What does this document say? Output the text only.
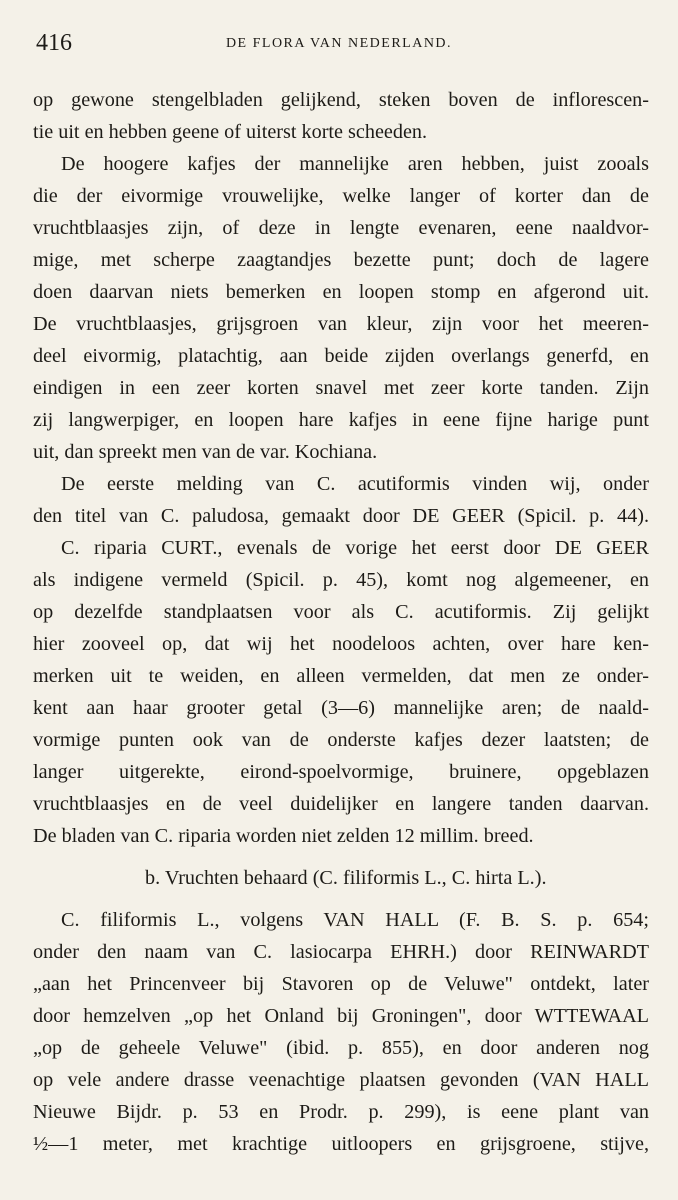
416	DE FLORA VAN NEDERLAND.
op gewone stengelbladen gelijkend, steken boven de inflorescen-
tie uit en hebben geene of uiterst korte scheeden.
De hoogere kafjes der mannelijke aren hebben, juist zooals
die der eivormige vrouwelijke, welke langer of korter dan de
vruchtblaasjes zijn, of deze in lengte evenaren, eene naaldvor-
mige, met scherpe zaagtandjes bezette punt; doch de lagere
doen daarvan niets bemerken en loopen stomp en afgerond uit.
De vruchtblaasjes, grijsgroen van kleur, zijn voor het meeren-
deel eivormig, platachtig, aan beide zijden overlangs generfd, en
eindigen in een zeer korten snavel met zeer korte tanden. Zijn
zij langwerpiger, en loopen hare kafjes in eene fijne harige punt
uit, dan spreekt men van de var. Kochiana.
De eerste melding van C. acutiformis vinden wij, onder
den titel van C. paludosa, gemaakt door DE GEER (Spicil. p. 44).
C. riparia CURT., evenals de vorige het eerst door DE GEER
als indigene vermeld (Spicil. p. 45), komt nog algemeener, en
op dezelfde standplaatsen voor als C. acutiformis. Zij gelijkt
hier zooveel op, dat wij het noodeloos achten, over hare ken-
merken uit te weiden, en alleen vermelden, dat men ze onder-
kent aan haar grooter getal (3—6) mannelijke aren; de naald-
vormige punten ook van de onderste kafjes dezer laatsten; de
langer uitgerekte, eirond-spoelvormige, bruinere, opgeblazen
vruchtblaasjes en de veel duidelijker en langere tanden daarvan.
De bladen van C. riparia worden niet zelden 12 millim. breed.
b. Vruchten behaard (C. filiformis L., C. hirta L.).
C. filiformis L., volgens VAN HALL (F. B. S. p. 654;
onder den naam van C. lasiocarpa EHRH.) door REINWARDT
„aan het Princenveer bij Stavoren op de Veluwe" ontdekt, later
door hemzelven „op het Onland bij Groningen", door WTTEWAAL
„op de geheele Veluwe" (ibid. p. 855), en door anderen nog
op vele andere drasse veenachtige plaatsen gevonden (VAN HALL
Nieuwe Bijdr. p. 53 en Prodr. p. 299), is eene plant van
½—1 meter, met krachtige uitloopers en grijsgroene, stijve,
